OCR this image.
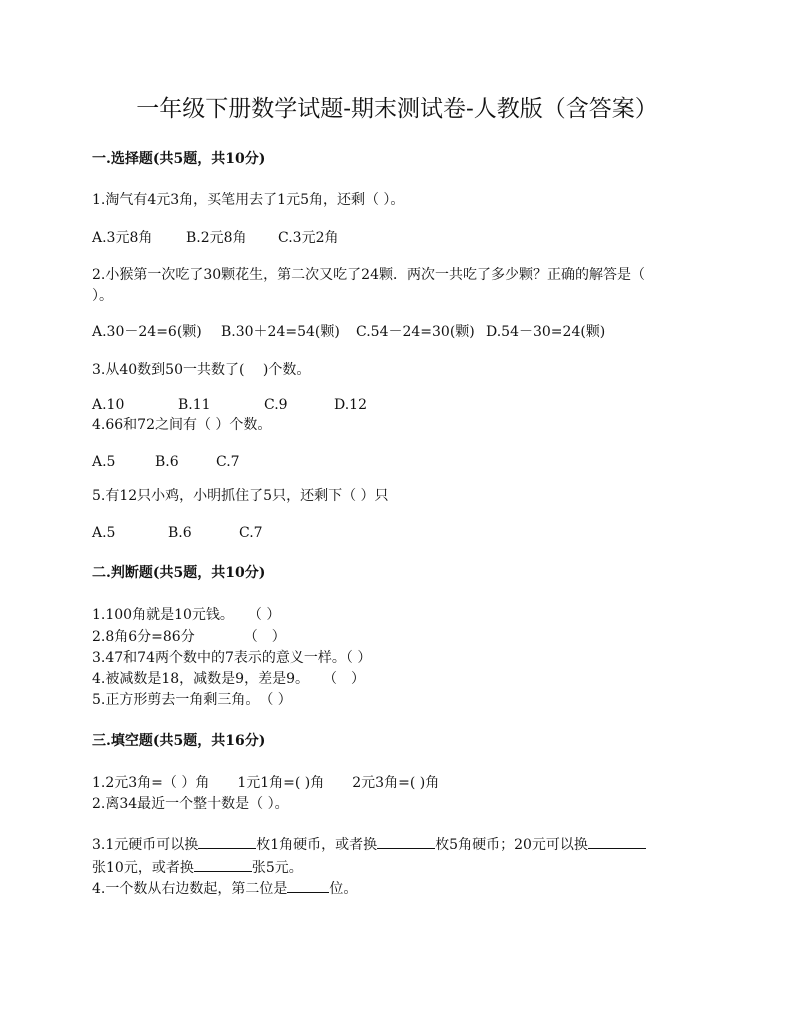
一年级下册数学试题-期末测试卷-人教版（含答案）
一.选择题(共5题，共10分)
1.淘气有4元3角，买笔用去了1元5角，还剩（ ）。
A.3元8角 B.2元8角 C.3元2角
2.小猴第一次吃了30颗花生，第二次又吃了24颗．两次一共吃了多少颗？正确的解答是（
）。
A.30－24=6(颗) B.30＋24=54(颗) C.54－24=30(颗) D.54－30=24(颗)
3.从40数到50一共数了(　 )个数。
A.10	B.11	C.9	D.12
4.66和72之间有（ ）个数。
A.5	B.6	C.7
5.有12只小鸡，小明抓住了5只，还剩下（ ）只
A.5	B.6	C.7
二.判断题(共5题，共10分)
1.100角就是10元钱。　　（ ）
2.8角6分=86分　　　　（　）
3.47和74两个数中的7表示的意义一样。（ ）
4.被减数是18，减数是9，差是9。　　（　）
5.正方形剪去一角剩三角。　（ ）
三.填空题(共5题，共16分)
1.2元3角=（ ）角　　1元1角=( )角　　2元3角=( )角
2.离34最近一个整十数是（ ）。
3.1元硬币可以换	枚1角硬币，或者换	枚5角硬币；20元可以换
张10元，或者换	张5元。
4.一个数从右边数起，第二位是	位。
